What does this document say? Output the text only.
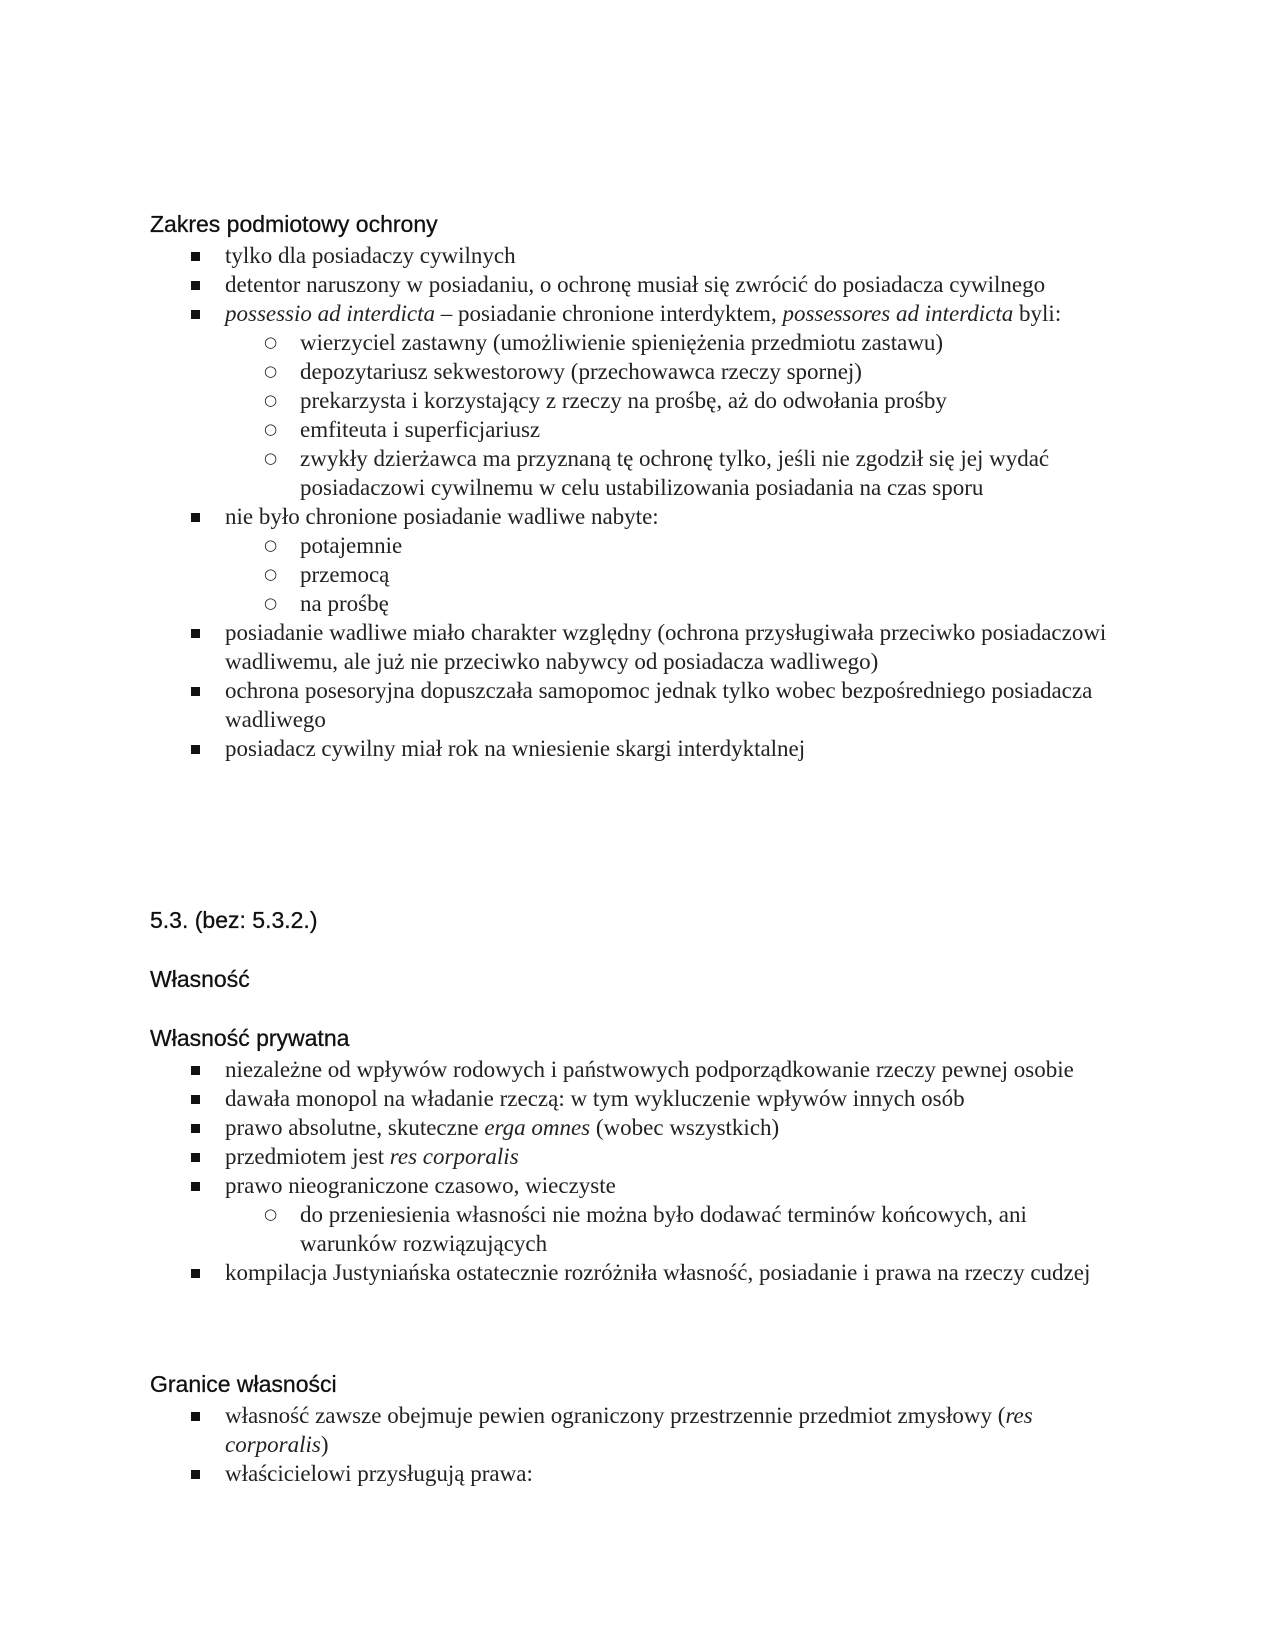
Zakres podmiotowy ochrony
tylko dla posiadaczy cywilnych
detentor naruszony w posiadaniu, o ochronę musiał się zwrócić do posiadacza cywilnego
possessio ad interdicta – posiadanie chronione interdyktem, possessores ad interdicta byli:
○ wierzyciel zastawny (umożliwienie spieniężenia przedmiotu zastawu)
○ depozytariusz sekwestorowy (przechowawca rzeczy spornej)
○ prekarzysta i korzystający z rzeczy na prośbę, aż do odwołania prośby
○ emfiteuta i superficjariusz
○ zwykły dzierżawca ma przyznaną tę ochronę tylko, jeśli nie zgodził się jej wydać posiadaczowi cywilnemu w celu ustabilizowania posiadania na czas sporu
nie było chronione posiadanie wadliwe nabyte:
○ potajemnie
○ przemocą
○ na prośbę
posiadanie wadliwe miało charakter względny (ochrona przysługiwała przeciwko posiadaczowi wadliwemu, ale już nie przeciwko nabywcy od posiadacza wadliwego)
ochrona posesoryjna dopuszczała samopomoc jednak tylko wobec bezpośredniego posiadacza wadliwego
posiadacz cywilny miał rok na wniesienie skargi interdyktalnej
5.3. (bez: 5.3.2.)
Własność
Własność prywatna
niezależne od wpływów rodowych i państwowych podporządkowanie rzeczy pewnej osobie
dawała monopol na władanie rzeczą: w tym wykluczenie wpływów innych osób
prawo absolutne, skuteczne erga omnes (wobec wszystkich)
przedmiotem jest res corporalis
prawo nieograniczone czasowo, wieczyste
○ do przeniesienia własności nie można było dodawać terminów końcowych, ani warunków rozwiązujących
kompilacja Justyniańska ostatecznie rozróżniła własność, posiadanie i prawa na rzeczy cudzej
Granice własności
własność zawsze obejmuje pewien ograniczony przestrzennie przedmiot zmysłowy (res corporalis)
właścicielowi przysługują prawa:
